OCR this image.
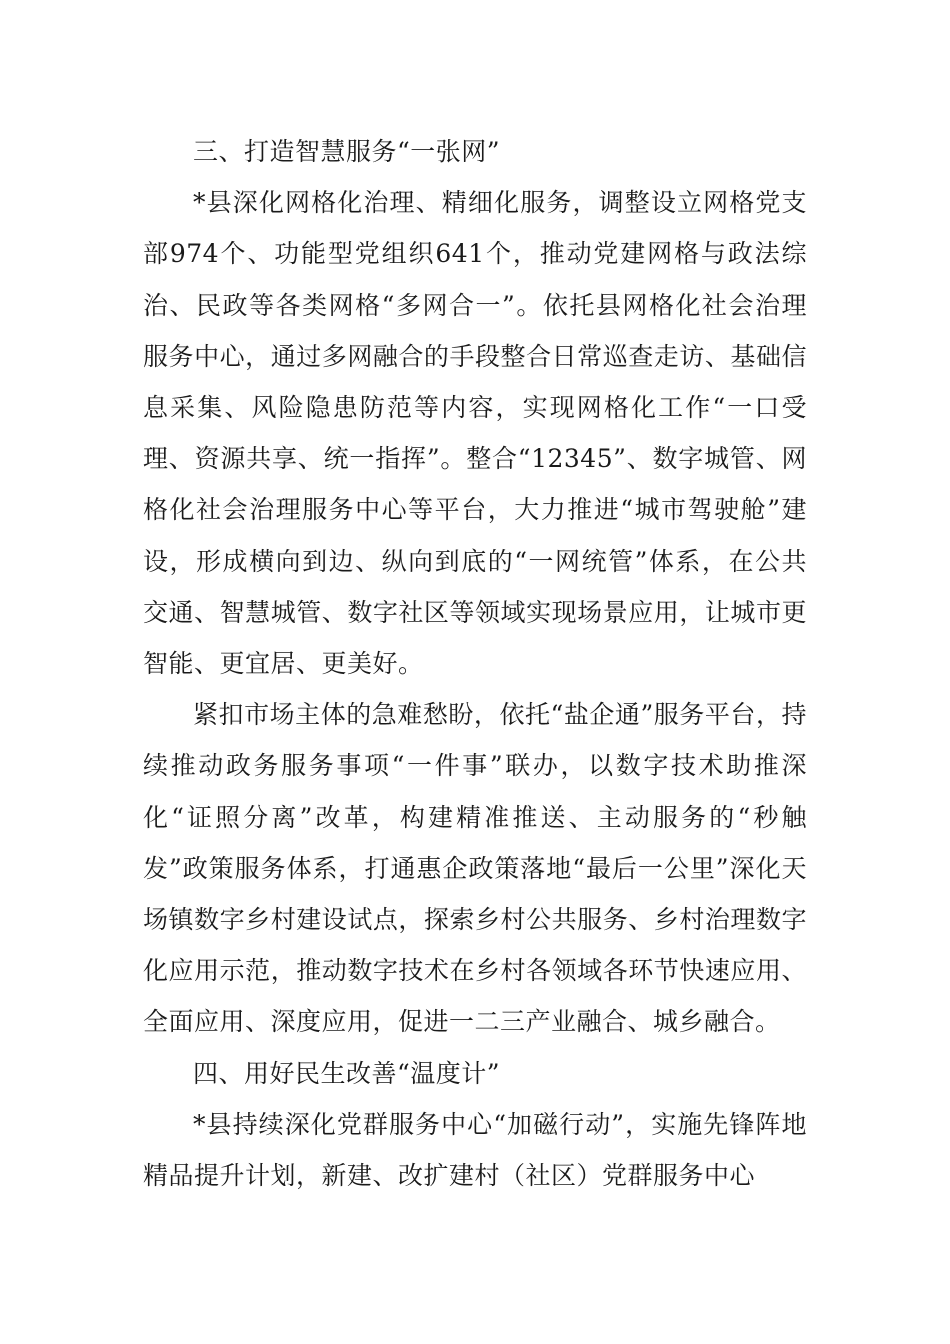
三、打造智慧服务“一张网”

*县深化网格化治理、精细化服务，调整设立网格党支部974个、功能型党组织641个，推动党建网格与政法综治、民政等各类网格“多网合一”。依托县网格化社会治理服务中心，通过多网融合的手段整合日常巡查走访、基础信息采集、风险隐患防范等内容，实现网格化工作“一口受理、资源共享、统一指挥”。整合“12345”、数字城管、网格化社会治理服务中心等平台，大力推进“城市驾驶舱”建设，形成横向到边、纵向到底的“一网统管”体系，在公共交通、智慧城管、数字社区等领域实现场景应用，让城市更智能、更宜居、更美好。

紧扣市场主体的急难愁盼，依托“盐企通”服务平台，持续推动政务服务事项“一件事”联办，以数字技术助推深化“证照分离”改革，构建精准推送、主动服务的“秒触发”政策服务体系，打通惠企政策落地“最后一公里”深化天场镇数字乡村建设试点，探索乡村公共服务、乡村治理数字化应用示范，推动数字技术在乡村各领域各环节快速应用、全面应用、深度应用，促进一二三产业融合、城乡融合。

四、用好民生改善“温度计”

*县持续深化党群服务中心“加磁行动”，实施先锋阵地精品提升计划，新建、改扩建村（社区）党群服务中心
